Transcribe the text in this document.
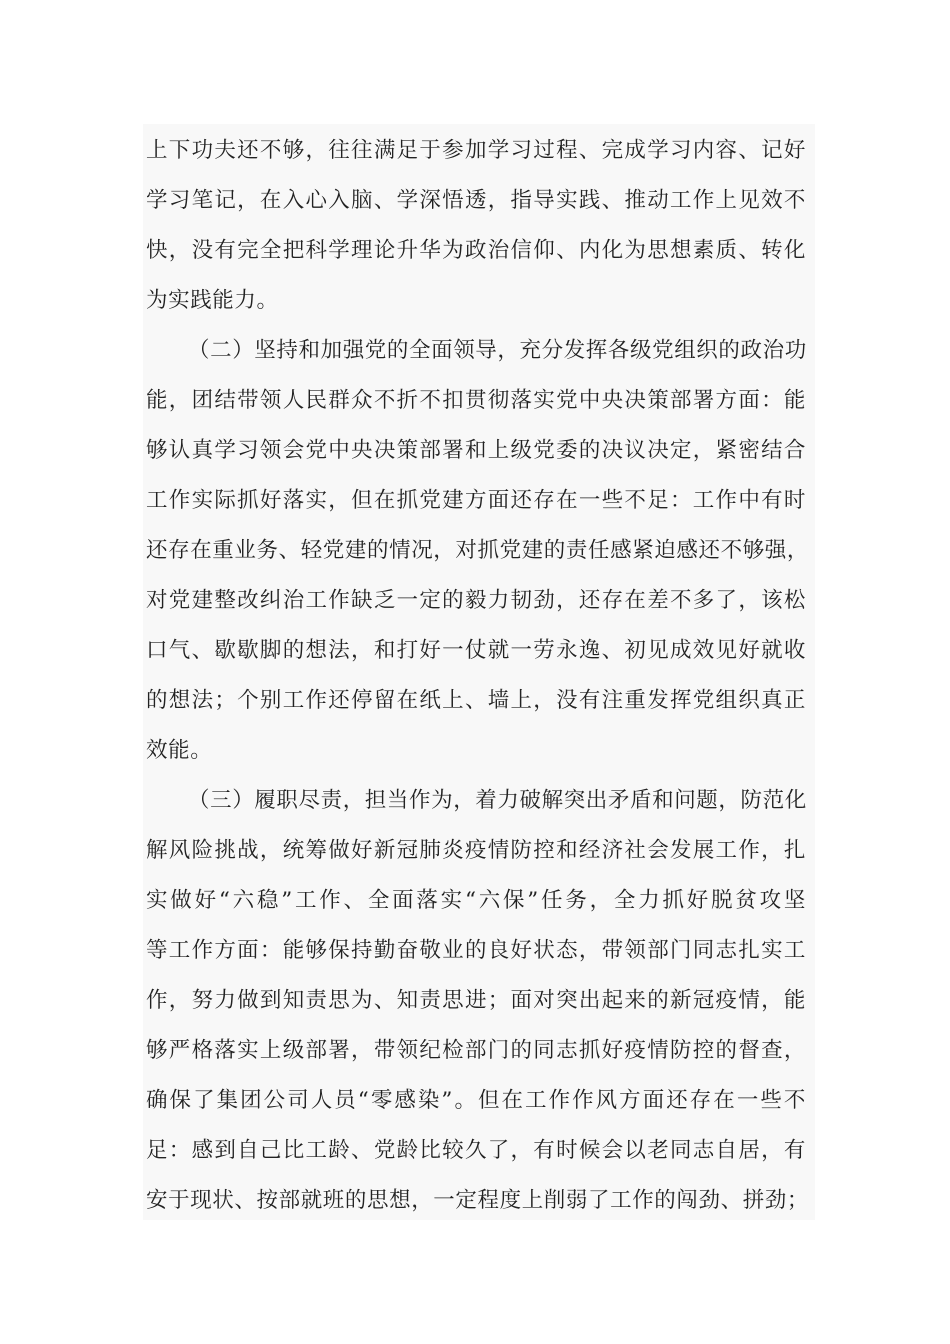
上下功夫还不够，往往满足于参加学习过程、完成学习内容、记好
学习笔记，在入心入脑、学深悟透，指导实践、推动工作上见效不
快，没有完全把科学理论升华为政治信仰、内化为思想素质、转化
为实践能力。
（二）坚持和加强党的全面领导，充分发挥各级党组织的政治功
能，团结带领人民群众不折不扣贯彻落实党中央决策部署方面：能
够认真学习领会党中央决策部署和上级党委的决议决定，紧密结合
工作实际抓好落实，但在抓党建方面还存在一些不足：工作中有时
还存在重业务、轻党建的情况，对抓党建的责任感紧迫感还不够强，
对党建整改纠治工作缺乏一定的毅力韧劲，还存在差不多了，该松
口气、歇歇脚的想法，和打好一仗就一劳永逸、初见成效见好就收
的想法；个别工作还停留在纸上、墙上，没有注重发挥党组织真正
效能。
（三）履职尽责，担当作为，着力破解突出矛盾和问题，防范化
解风险挑战，统筹做好新冠肺炎疫情防控和经济社会发展工作，扎
实做好“六稳”工作、全面落实“六保”任务，全力抓好脱贫攻坚
等工作方面：能够保持勤奋敬业的良好状态，带领部门同志扎实工
作，努力做到知责思为、知责思进；面对突出起来的新冠疫情，能
够严格落实上级部署，带领纪检部门的同志抓好疫情防控的督查，
确保了集团公司人员“零感染”。但在工作作风方面还存在一些不
足：感到自己比工龄、党龄比较久了，有时候会以老同志自居，有
安于现状、按部就班的思想，一定程度上削弱了工作的闯劲、拼劲；
